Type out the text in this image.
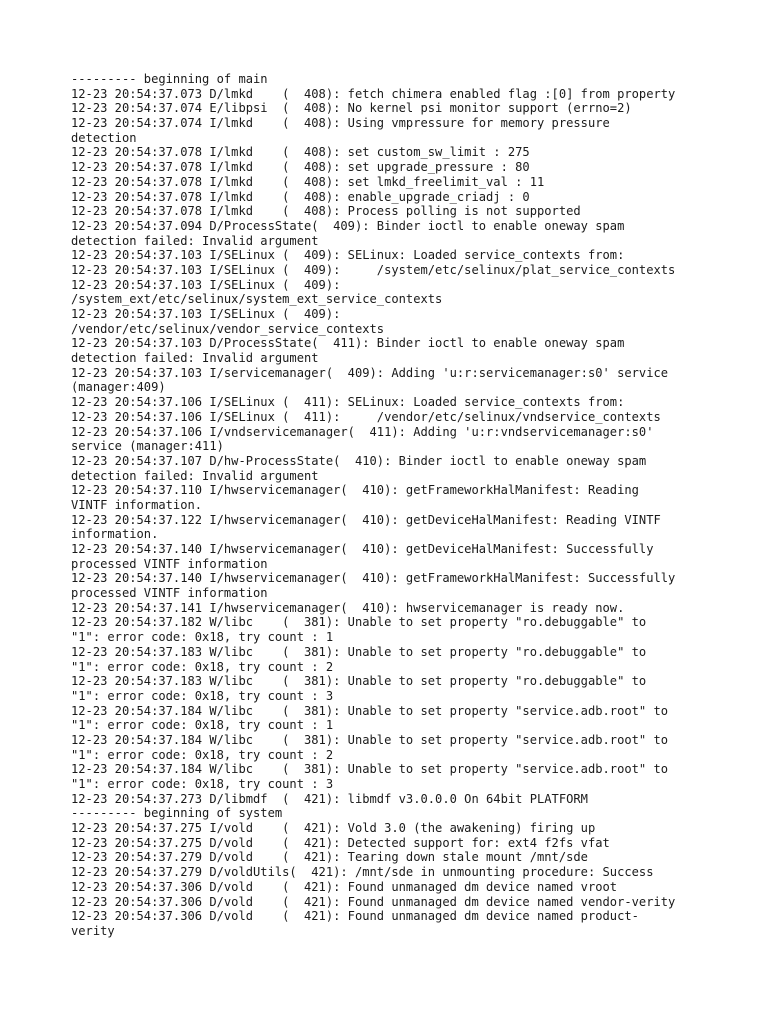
--------- beginning of main
12-23 20:54:37.073 D/lmkd    (  408): fetch chimera enabled flag :[0] from property
12-23 20:54:37.074 E/libpsi  (  408): No kernel psi monitor support (errno=2)
12-23 20:54:37.074 I/lmkd    (  408): Using vmpressure for memory pressure
detection
12-23 20:54:37.078 I/lmkd    (  408): set custom_sw_limit : 275
12-23 20:54:37.078 I/lmkd    (  408): set upgrade_pressure : 80
12-23 20:54:37.078 I/lmkd    (  408): set lmkd_freelimit_val : 11
12-23 20:54:37.078 I/lmkd    (  408): enable_upgrade_criadj : 0
12-23 20:54:37.078 I/lmkd    (  408): Process polling is not supported
12-23 20:54:37.094 D/ProcessState(  409): Binder ioctl to enable oneway spam
detection failed: Invalid argument
12-23 20:54:37.103 I/SELinux (  409): SELinux: Loaded service_contexts from:
12-23 20:54:37.103 I/SELinux (  409):     /system/etc/selinux/plat_service_contexts
12-23 20:54:37.103 I/SELinux (  409):
/system_ext/etc/selinux/system_ext_service_contexts
12-23 20:54:37.103 I/SELinux (  409):
/vendor/etc/selinux/vendor_service_contexts
12-23 20:54:37.103 D/ProcessState(  411): Binder ioctl to enable oneway spam
detection failed: Invalid argument
12-23 20:54:37.103 I/servicemanager(  409): Adding 'u:r:servicemanager:s0' service
(manager:409)
12-23 20:54:37.106 I/SELinux (  411): SELinux: Loaded service_contexts from:
12-23 20:54:37.106 I/SELinux (  411):     /vendor/etc/selinux/vndservice_contexts
12-23 20:54:37.106 I/vndservicemanager(  411): Adding 'u:r:vndservicemanager:s0'
service (manager:411)
12-23 20:54:37.107 D/hw-ProcessState(  410): Binder ioctl to enable oneway spam
detection failed: Invalid argument
12-23 20:54:37.110 I/hwservicemanager(  410): getFrameworkHalManifest: Reading
VINTF information.
12-23 20:54:37.122 I/hwservicemanager(  410): getDeviceHalManifest: Reading VINTF
information.
12-23 20:54:37.140 I/hwservicemanager(  410): getDeviceHalManifest: Successfully
processed VINTF information
12-23 20:54:37.140 I/hwservicemanager(  410): getFrameworkHalManifest: Successfully
processed VINTF information
12-23 20:54:37.141 I/hwservicemanager(  410): hwservicemanager is ready now.
12-23 20:54:37.182 W/libc    (  381): Unable to set property "ro.debuggable" to
"1": error code: 0x18, try count : 1
12-23 20:54:37.183 W/libc    (  381): Unable to set property "ro.debuggable" to
"1": error code: 0x18, try count : 2
12-23 20:54:37.183 W/libc    (  381): Unable to set property "ro.debuggable" to
"1": error code: 0x18, try count : 3
12-23 20:54:37.184 W/libc    (  381): Unable to set property "service.adb.root" to
"1": error code: 0x18, try count : 1
12-23 20:54:37.184 W/libc    (  381): Unable to set property "service.adb.root" to
"1": error code: 0x18, try count : 2
12-23 20:54:37.184 W/libc    (  381): Unable to set property "service.adb.root" to
"1": error code: 0x18, try count : 3
12-23 20:54:37.273 D/libmdf  (  421): libmdf v3.0.0.0 On 64bit PLATFORM
--------- beginning of system
12-23 20:54:37.275 I/vold    (  421): Vold 3.0 (the awakening) firing up
12-23 20:54:37.275 D/vold    (  421): Detected support for: ext4 f2fs vfat
12-23 20:54:37.279 D/vold    (  421): Tearing down stale mount /mnt/sde
12-23 20:54:37.279 D/voldUtils(  421): /mnt/sde in unmounting procedure: Success
12-23 20:54:37.306 D/vold    (  421): Found unmanaged dm device named vroot
12-23 20:54:37.306 D/vold    (  421): Found unmanaged dm device named vendor-verity
12-23 20:54:37.306 D/vold    (  421): Found unmanaged dm device named product-
verity
